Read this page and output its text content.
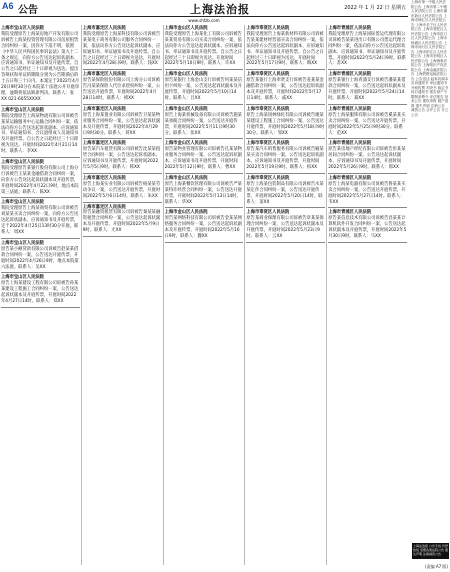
A6 公告	上海法治报	2022 年 1 月 22 日 星期五
www.shfzb.com
上海市宝山区人民法院
我院受理原告上海某房地产开发有限公司诉被告上海某投资管理有限公司房屋租赁合同纠纷一案，因你方下落不明，依照《中华人民共和国民事诉讼法》第九十二条之规定，向你方公告送达起诉状副本、应诉通知书、举证通知书及开庭传票。自公告之日起经过三十日即视为送达。提出答辩状和举证的期限分别为公告期满后的十五日和三十日内。本案定于2022年4月20日9时30分在本院第十法庭公开开庭审理，逾期将依法缺席判决。联系人：张XX 021-6055XXXX
上海市宝山区人民法院
我院受理原告上海某物流有限公司诉被告某某运输服务中心运输合同纠纷一案，依法向你方公告送达起诉状副本、应诉通知书、举证通知书、合议庭组成人员通知书及开庭传票。自公告之日起经过三十日即视为送达。开庭时间2022年4月21日14时。联系人：李XX
上海市宝山区人民法院
我院受理原告某银行股份有限公司上海分行诉被告王某某金融借款合同纠纷一案，向你方公告送达起诉状副本及开庭传票，开庭时间2022年4月22日9时，地点本院第三法庭。联系人：陈XX
上海市宝山区人民法院
我院受理原告上海某商贸有限公司诉被告刘某某买卖合同纠纷一案，向你方公告送达起诉状副本、应诉通知书及开庭传票，定于2022年4月25日13时30分开庭。联系人：周XX
上海市宝山区人民法院
原告某小额贷款有限公司诉被告赵某某借款合同纠纷一案，公告送达开庭传票，开庭时间2022年4月26日9时，地点本院第六法庭。联系人：吴XX
上海市宝山区人民法院
原告上海某建设工程有限公司诉被告孙某某建设工程施工合同纠纷一案，公告送达起诉状副本及开庭传票，开庭时间2022年4月27日14时。联系人：郑XX
上海市嘉定区人民法院
我院受理原告上海某科技有限公司诉被告某某电子商务有限公司服务合同纠纷一案，依法向你方公告送达起诉状副本、应诉通知书、举证通知书及开庭传票。自公告之日起经过三十日即视为送达，开庭时间2022年4月28日9时。联系人：钱XX
上海市嘉定区人民法院
原告某保险股份有限公司上海分公司诉被告冯某某保险人代位求偿权纠纷一案，公告送达开庭传票，开庭时间2022年4月28日14时。联系人：褚XX
上海市嘉定区人民法院
原告上海某置业有限公司诉被告卫某某物业服务合同纠纷一案，公告送达起诉状副本及开庭传票，开庭时间2022年4月29日9时30分。联系人：蒋XX
上海市嘉定区人民法院
原告某汽车租赁有限公司诉被告沈某某租赁合同纠纷一案，公告送达起诉状副本、应诉通知书及开庭传票，开庭时间2022年5月5日9时。联系人：韩XX
上海市嘉定区人民法院
原告上海某实业有限公司诉被告杨某某劳动争议一案，公告送达开庭传票，开庭时间2022年5月6日14时。联系人：朱XX
上海市嘉定区人民法院
原告某融资租赁有限公司诉被告秦某某融资租赁合同纠纷一案，公告送达起诉状副本及开庭传票，开庭时间2022年5月9日9时。联系人：尤XX
上海市金山区人民法院
我院受理原告上海某化工有限公司诉被告某某贸易有限公司买卖合同纠纷一案，依法向你方公告送达起诉状副本、应诉通知书、举证通知书及开庭传票。自公告之日起经过三十日即视为送达。开庭时间2022年5月10日9时。联系人：许XX
上海市金山区人民法院
原告某银行上海金山支行诉被告何某某信用卡纠纷一案，公告送达起诉状副本及开庭传票，开庭时间2022年5月10日14时。联系人：吕XX
上海市金山区人民法院
原告上海某机械设备有限公司诉被告施某某承揽合同纠纷一案，公告送达开庭传票，开庭时间2022年5月11日9时30分。联系人：张XX
上海市金山区人民法院
原告某物业管理有限公司诉被告孔某某物业服务合同纠纷一案，公告送达起诉状副本、应诉通知书及开庭传票，开庭时间2022年5月12日9时。联系人：曹XX
上海市金山区人民法院
原告上海某餐饮管理有限公司诉被告严某某特许经营合同纠纷一案，公告送达开庭传票，开庭时间2022年5月13日14时。联系人：华XX
上海市金山区人民法院
原告某网络科技有限公司诉被告金某某网络服务合同纠纷一案，公告送达起诉状副本及开庭传票，开庭时间2022年5月16日9时。联系人：魏XX
上海市奉贤区人民法院
我院受理原告上海某新材料有限公司诉被告某某建材经营部买卖合同纠纷一案，依法向你方公告送达起诉状副本、应诉通知书、举证通知书及开庭传票。自公告之日起经过三十日即视为送达。开庭时间2022年5月17日9时。联系人：陶XX
上海市奉贤区人民法院
原告某银行上海奉贤支行诉被告姜某某金融借款合同纠纷一案，公告送达起诉状副本及开庭传票，开庭时间2022年5月17日14时。联系人：戚XX
上海市奉贤区人民法院
原告上海某园林绿化有限公司诉被告谢某某建设工程施工合同纠纷一案，公告送达开庭传票，开庭时间2022年5月18日9时30分。联系人：邹XX
上海市奉贤区人民法院
原告某汽车销售服务有限公司诉被告喻某某买卖合同纠纷一案，公告送达起诉状副本、应诉通知书及开庭传票，开庭时间2022年5月19日9时。联系人：柏XX
上海市奉贤区人民法院
原告上海某包装制品有限公司诉被告水某某定作合同纠纷一案，公告送达开庭传票，开庭时间2022年5月20日14时。联系人：窦XX
上海市奉贤区人民法院
原告某商业保理有限公司诉被告章某某保理合同纠纷一案，公告送达起诉状副本及开庭传票，开庭时间2022年5月23日9时。联系人：云XX
上海市青浦区人民法院
我院受理原告上海某国际货运代理有限公司诉被告某某进出口有限公司货运代理合同纠纷一案，依法向你方公告送达起诉状副本、应诉通知书、举证通知书及开庭传票。开庭时间2022年5月24日9时。联系人：苏XX
上海市青浦区人民法院
原告某银行上海青浦支行诉被告潘某某借款合同纠纷一案，公告送达起诉状副本及开庭传票，开庭时间2022年5月24日14时。联系人：葛XX
上海市青浦区人民法院
原告上海某服饰有限公司诉被告奚某某买卖合同纠纷一案，公告送达开庭传票，开庭时间2022年5月25日9时30分。联系人：范XX
上海市青浦区人民法院
原告某房地产经纪有限公司诉被告彭某某居间合同纠纷一案，公告送达起诉状副本、应诉通知书及开庭传票，开庭时间2022年5月26日9时。联系人：郎XX
上海市青浦区人民法院
原告上海某电器有限公司诉被告鲁某某买卖合同纠纷一案，公告送达开庭传票，开庭时间2022年5月27日14时。联系人：韦XX
上海市青浦区人民法院
原告某信息技术有限公司诉被告昌某某计算机软件开发合同纠纷一案，公告送达起诉状副本及开庭传票，开庭时间2022年5月30日9时。联系人：马XX
上海市第一中级人民法院公告 上海市第二中级人民法院公告 上海市浦东新区人民法院公告 上海市徐汇区人民法院公告 上海市长宁区人民法院公告 上海市普陀区人民法院公告 上海市虹口区人民法院公告 上海市杨浦区人民法院公告 上海市闵行区人民法院公告 上海市松江区人民法院公告 上海市崇明区人民法院公告 上海海事法院公告 上海知识产权法院公告 上海金融法院公告 上海铁路运输法院公告 公告送达 起诉状副本 应诉通知书 举证通知书 开庭传票 判决书 裁定书 执行通知书 报告财产令 限制消费令 评估报告 拍卖公告 债权申报 破产清算 遗失声明 注销公告 减资公告 合并公告 分立公告
上海法治报 公告专线 刊登热线 受理各类法院公告 遗失声明 注销减资公告
(责编 A7 版)
